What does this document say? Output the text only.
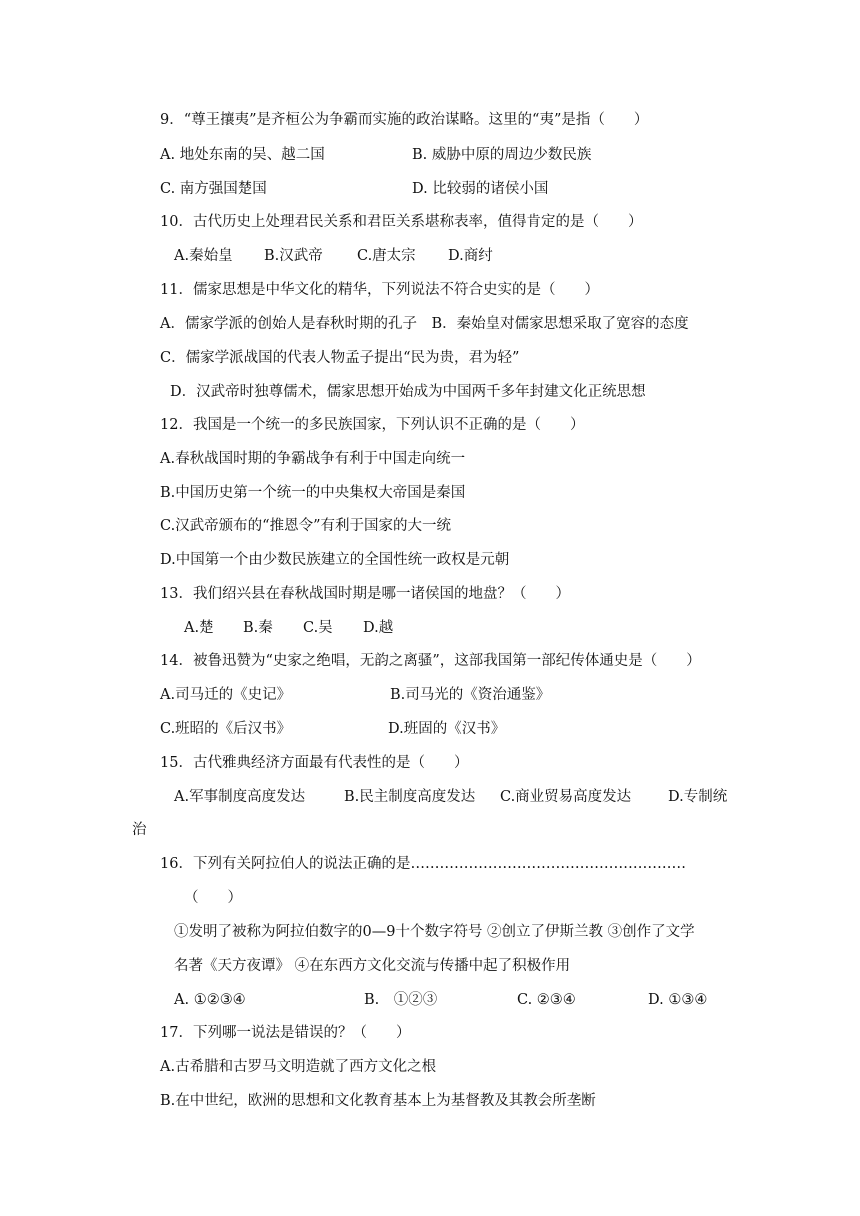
9．“尊王攘夷”是齐桓公为争霸而实施的政治谋略。这里的“夷”是指（　　）
A. 地处东南的吴、越二国	B. 威胁中原的周边少数民族
C. 南方强国楚国	D. 比较弱的诸侯小国
10．古代历史上处理君民关系和君臣关系堪称表率，值得肯定的是（　　）
A.秦始皇 B.汉武帝 C.唐太宗 D.商纣
11．儒家思想是中华文化的精华，下列说法不符合史实的是（　　）
A．儒家学派的创始人是春秋时期的孔子　B．秦始皇对儒家思想采取了宽容的态度
C．儒家学派战国的代表人物孟子提出“民为贵，君为轻”
D．汉武帝时独尊儒术，儒家思想开始成为中国两千多年封建文化正统思想
12．我国是一个统一的多民族国家，下列认识不正确的是（　　）
A.春秋战国时期的争霸战争有利于中国走向统一
B.中国历史第一个统一的中央集权大帝国是秦国
C.汉武帝颁布的“推恩令”有利于国家的大一统
D.中国第一个由少数民族建立的全国性统一政权是元朝
13．我们绍兴县在春秋战国时期是哪一诸侯国的地盘？（　　）
A.楚 B.秦 C.吴 D.越
14．被鲁迅赞为“史家之绝唱，无韵之离骚”，这部我国第一部纪传体通史是（　　）
A.司马迁的《史记》	B.司马光的《资治通鉴》
C.班昭的《后汉书》	D.班固的《汉书》
15．古代雅典经济方面最有代表性的是（　　）
A.军事制度高度发达	B.民主制度高度发达 C.商业贸易高度发达	D.专制统
治
16．下列有关阿拉伯人的说法正确的是…………………………………………………
（　　）
①发明了被称为阿拉伯数字的0—9十个数字符号 ②创立了伊斯兰教 ③创作了文学
名著《天方夜谭》 ④在东西方文化交流与传播中起了积极作用
A. ①②③④	B.　①②③	C. ②③④	D. ①③④
17．下列哪一说法是错误的？（　　）
A.古希腊和古罗马文明造就了西方文化之根
B.在中世纪，欧洲的思想和文化教育基本上为基督教及其教会所垄断
